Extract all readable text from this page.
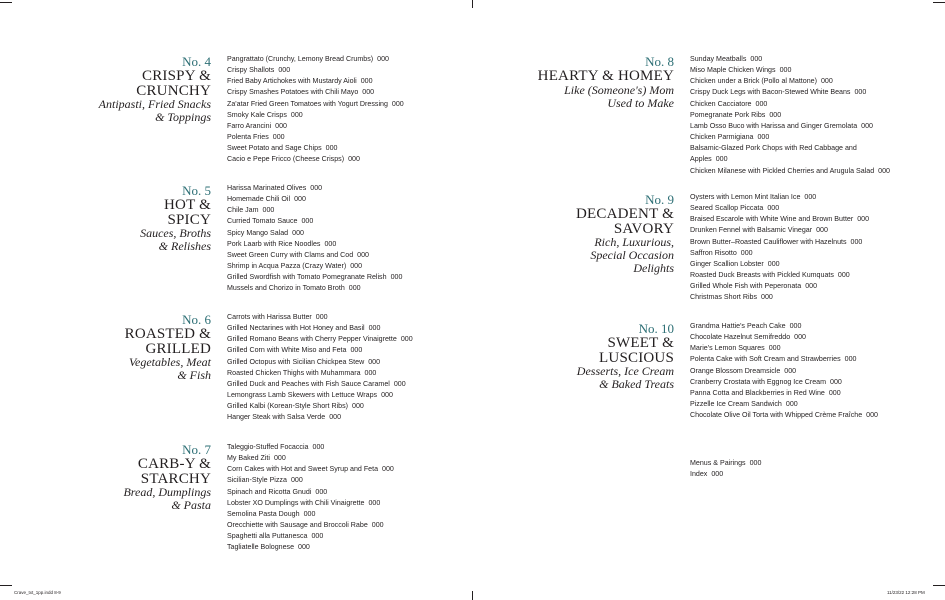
No. 4
CRISPY &
CRUNCHY
Antipasti, Fried Snacks
& Toppings
Pangrattato (Crunchy, Lemony Bread Crumbs) 000
Crispy Shallots 000
Fried Baby Artichokes with Mustardy Aioli 000
Crispy Smashes Potatoes with Chili Mayo 000
Za'atar Fried Green Tomatoes with Yogurt Dressing 000
Smoky Kale Crisps 000
Farro Arancini 000
Polenta Fries 000
Sweet Potato and Sage Chips 000
Cacio e Pepe Fricco (Cheese Crisps) 000
No. 5
HOT &
SPICY
Sauces, Broths
& Relishes
Harissa Marinated Olives 000
Homemade Chili Oil 000
Chile Jam 000
Curried Tomato Sauce 000
Spicy Mango Salad 000
Pork Laarb with Rice Noodles 000
Sweet Green Curry with Clams and Cod 000
Shrimp in Acqua Pazza (Crazy Water) 000
Grilled Swordfish with Tomato Pomegranate Relish 000
Mussels and Chorizo in Tomato Broth 000
No. 6
ROASTED &
GRILLED
Vegetables, Meat
& Fish
Carrots with Harissa Butter 000
Grilled Nectarines with Hot Honey and Basil 000
Grilled Romano Beans with Cherry Pepper Vinaigrette 000
Grilled Corn with White Miso and Feta 000
Grilled Octopus with Sicilian Chickpea Stew 000
Roasted Chicken Thighs with Muhammara 000
Grilled Duck and Peaches with Fish Sauce Caramel 000
Lemongrass Lamb Skewers with Lettuce Wraps 000
Grilled Kalbi (Korean-Style Short Ribs) 000
Hanger Steak with Salsa Verde 000
No. 7
CARB-Y &
STARCHY
Bread, Dumplings
& Pasta
Taleggio-Stuffed Focaccia 000
My Baked Ziti 000
Corn Cakes with Hot and Sweet Syrup and Feta 000
Sicilian-Style Pizza 000
Spinach and Ricotta Gnudi 000
Lobster XO Dumplings with Chili Vinaigrette 000
Semolina Pasta Dough 000
Orecchiette with Sausage and Broccoli Rabe 000
Spaghetti alla Puttanesca 000
Tagliatelle Bolognese 000
No. 8
HEARTY & HOMEY
Like (Someone's) Mom
Used to Make
Sunday Meatballs 000
Miso Maple Chicken Wings 000
Chicken under a Brick (Pollo al Mattone) 000
Crispy Duck Legs with Bacon-Stewed White Beans 000
Chicken Cacciatore 000
Pomegranate Pork Ribs 000
Lamb Osso Buco with Harissa and Ginger Gremolata 000
Chicken Parmigiana 000
Balsamic-Glazed Pork Chops with Red Cabbage and Apples 000
Chicken Milanese with Pickled Cherries and Arugula Salad 000
No. 9
DECADENT &
SAVORY
Rich, Luxurious,
Special Occasion
Delights
Oysters with Lemon Mint Italian Ice 000
Seared Scallop Piccata 000
Braised Escarole with White Wine and Brown Butter 000
Drunken Fennel with Balsamic Vinegar 000
Brown Butter–Roasted Cauliflower with Hazelnuts 000
Saffron Risotto 000
Ginger Scallion Lobster 000
Roasted Duck Breasts with Pickled Kumquats 000
Grilled Whole Fish with Peperonata 000
Christmas Short Ribs 000
No. 10
SWEET &
LUSCIOUS
Desserts, Ice Cream
& Baked Treats
Grandma Hattie's Peach Cake 000
Chocolate Hazelnut Semifreddo 000
Marie's Lemon Squares 000
Polenta Cake with Soft Cream and Strawberries 000
Orange Blossom Dreamsicle 000
Cranberry Crostata with Eggnog Ice Cream 000
Panna Cotta and Blackberries in Red Wine 000
Pizzelle Ice Cream Sandwich 000
Chocolate Olive Oil Torta with Whipped Crème Fraîche 000
Menus & Pairings 000
Index 000
Crave_txt_1pp.indd 8-9	11/23/22 12:28 PM
